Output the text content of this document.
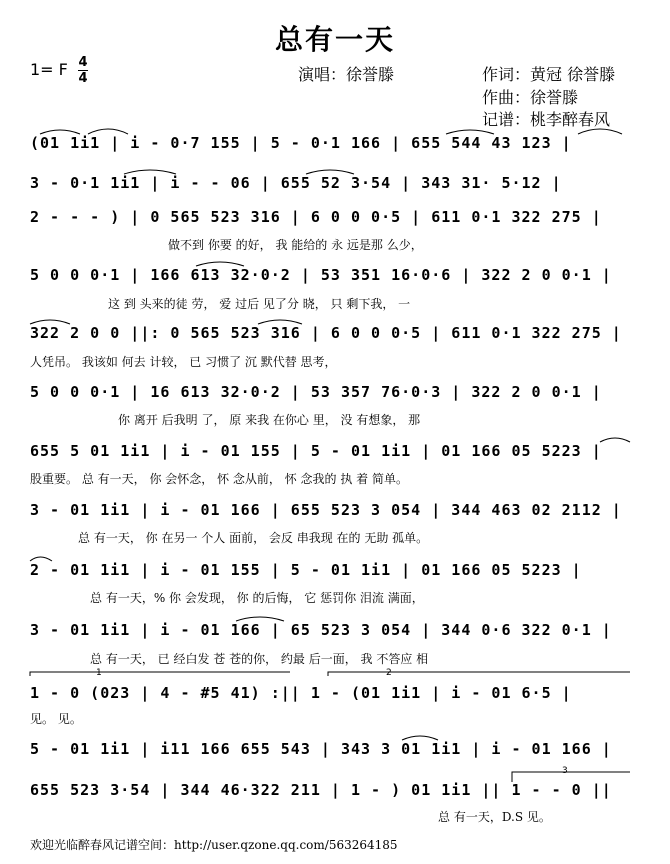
总有一天
1= F 4
4	演唱：徐誉滕	作词：黄冠 徐誉滕
作曲：徐誉滕
记谱：桃李醉春风
(01 1i1 | i - 0·7 155 | 5 - 0·1 166 | 655 544 43 123 |
3 - 0·1 1i1 | i - - 06 | 655 52 3·54 | 343 31· 5·12 |
2 - - - ) | 0 565 523 316 | 6 0 0 0·5 | 611 0·1 322 275 |
做不到 你要 的好， 我 能给的 永 远是那 么少，
5 0 0 0·1 | 166 613 32·0·2 | 53 351 16·0·6 | 322 2 0 0·1 |
这 到 头来的徒 劳， 爱 过后 见了分 晓， 只 剩下我， 一
322 2 0 0 ||: 0 565 523 316 | 6 0 0 0·5 | 611 0·1 322 275 |
人凭吊。 我该如 何去 计较， 已 习惯了 沉 默代替 思考，
5 0 0 0·1 | 16 613 32·0·2 | 53 357 76·0·3 | 322 2 0 0·1 |
你 离开 后我明 了， 原 来我 在你心 里， 没 有想象， 那
655 5 01 1i1 | i - 01 155 | 5 - 01 1i1 | 01 166 05 5223 |
股重要。 总 有一天， 你 会怀念， 怀 念从前， 怀 念我的 执 着 简单。
3 - 01 1i1 | i - 01 166 | 655 523 3 054 | 344 463 02 2112 |
总 有一天， 你 在另一 个人 面前， 会反 串我现 在的 无助 孤单。
2 - 01 1i1 | i - 01 155 | 5 - 01 1i1 | 01 166 05 5223 |
总 有一天，% 你 会发现， 你 的后悔， 它 惩罚你 泪流 满面，
3 - 01 1i1 | i - 01 166 | 65 523 3 054 | 344 0·6 322 0·1 |
总 有一天， 已 经白发 苍 苍的你， 约最 后一面， 我 不答应 相
1	2
1 - 0 (023 | 4 - #5 41) :|| 1 - (01 1i1 | i - 01 6·5 |
见。 见。
5 - 01 1i1 | i11 166 655 543 | 343 3 01 1i1 | i - 01 166 |
3
655 523 3·54 | 344 46·322 211 | 1 - ) 01 1i1 || 1 - - 0 ||
总 有一天，D.S 见。
欢迎光临醉春风记谱空间：http://user.qzone.qq.com/563264185
